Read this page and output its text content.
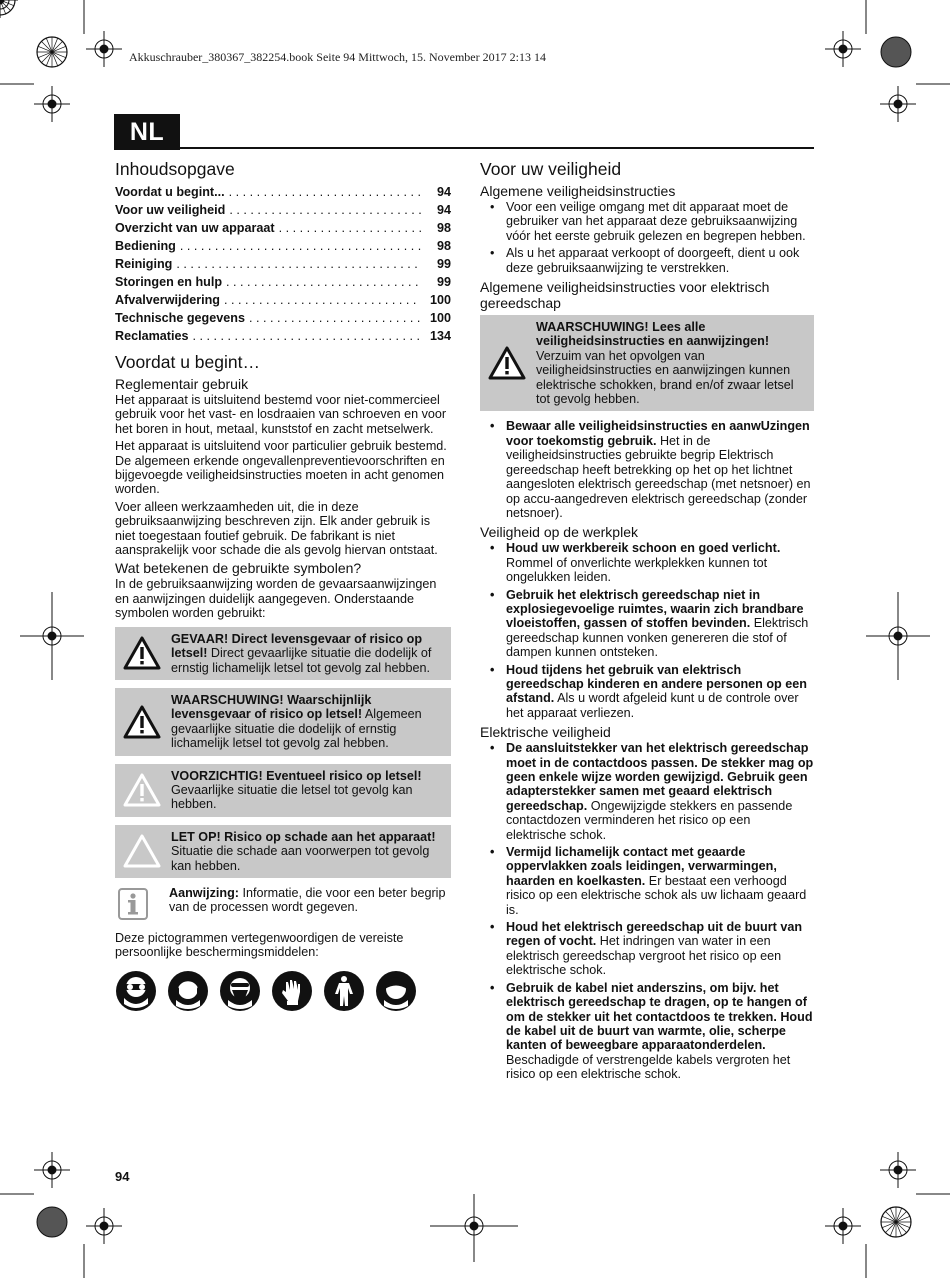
Akkuschrauber_380367_382254.book Seite 94 Mittwoch, 15. November 2017 2:13 14
NL
Inhoudsopgave
Voordat u begint... . . .	94
Voor uw veiligheid . . .	94
Overzicht van uw apparaat . . .	98
Bediening . . .	98
Reiniging . . .	99
Storingen en hulp . . .	99
Afvalverwijdering . . .	100
Technische gegevens . . .	100
Reclamaties . . .	134
Voordat u begint…
Reglementair gebruik

Het apparaat is uitsluitend bestemd voor niet-commercieel gebruik voor het vast- en losdraaien van schroeven en voor het boren in hout, metaal, kunststof en zacht metselwerk.

Het apparaat is uitsluitend voor particulier gebruik bestemd. De algemeen erkende ongevallenpreventievoorschriften en bijgevoegde veiligheidsinstructies moeten in acht genomen worden.

Voer alleen werkzaamheden uit, die in deze gebruiksaanwijzing beschreven zijn. Elk ander gebruik is niet toegestaan foutief gebruik. De fabrikant is niet aansprakelijk voor schade die als gevolg hiervan ontstaat.

Wat betekenen de gebruikte symbolen?

In de gebruiksaanwijzing worden de gevaarsaanwijzingen en aanwijzingen duidelijk aangegeven. Onderstaande symbolen worden gebruikt:

GEVAAR! Direct levensgevaar of risico op letsel! Direct gevaarlijke situatie die dodelijk of ernstig lichamelijk letsel tot gevolg zal hebben.
WAARSCHUWING! Waarschijnlijk levensgevaar of risico op letsel! Algemeen gevaarlijke situatie die dodelijk of ernstig lichamelijk letsel tot gevolg zal hebben.
VOORZICHTIG! Eventueel risico op letsel! Gevaarlijke situatie die letsel tot gevolg kan hebben.
LET OP! Risico op schade aan het apparaat! Situatie die schade aan voorwerpen tot gevolg kan hebben.
Aanwijzing: Informatie, die voor een beter begrip van de processen wordt gegeven.

Deze pictogrammen vertegenwoordigen de vereiste persoonlijke beschermingsmiddelen:

Voor uw veiligheid
Algemene veiligheidsinstructies
• Voor een veilige omgang met dit apparaat moet de gebruiker van het apparaat deze gebruiksaanwijzing vóór het eerste gebruik gelezen en begrepen hebben.
• Als u het apparaat verkoopt of doorgeeft, dient u ook deze gebruiksaanwijzing te verstrekken.
Algemene veiligheidsinstructies voor elektrisch gereedschap
WAARSCHUWING! Lees alle veiligheidsinstructies en aanwijzingen! Verzuim van het opvolgen van veiligheidsinstructies en aanwijzingen kunnen elektrische schokken, brand en/of zwaar letsel tot gevolg hebben.
• Bewaar alle veiligheidsinstructies en aanwUzingen voor toekomstig gebruik. Het in de veiligheidsinstructies gebruikte begrip Elektrisch gereedschap heeft betrekking op het op het lichtnet aangesloten elektrisch gereedschap (met netsnoer) en op accu-aangedreven elektrisch gereedschap (zonder netsnoer).
Veiligheid op de werkplek
• Houd uw werkbereik schoon en goed verlicht. Rommel of onverlichte werkplekken kunnen tot ongelukken leiden.
• Gebruik het elektrisch gereedschap niet in explosiegevoelige ruimtes, waarin zich brandbare vloeistoffen, gassen of stoffen bevinden. Elektrisch gereedschap kunnen vonken genereren die stof of dampen kunnen ontsteken.
• Houd tijdens het gebruik van elektrisch gereedschap kinderen en andere personen op een afstand. Als u wordt afgeleid kunt u de controle over het apparaat verliezen.
Elektrische veiligheid
• De aansluitstekker van het elektrisch gereedschap moet in de contactdoos passen. De stekker mag op geen enkele wijze worden gewijzigd. Gebruik geen adapterstekker samen met geaard elektrisch gereedschap. Ongewijzigde stekkers en passende contactdozen verminderen het risico op een elektrische schok.
• Vermijd lichamelijk contact met geaarde oppervlakken zoals leidingen, verwarmingen, haarden en koelkasten. Er bestaat een verhoogd risico op een elektrische schok als uw lichaam geaard is.
• Houd het elektrisch gereedschap uit de buurt van regen of vocht. Het indringen van water in een elektrisch gereedschap vergroot het risico op een elektrische schok.
• Gebruik de kabel niet anderszins, om bijv. het elektrisch gereedschap te dragen, op te hangen of om de stekker uit het contactdoos te trekken. Houd de kabel uit de buurt van warmte, olie, scherpe kanten of beweegbare apparaatonderdelen. Beschadigde of verstrengelde kabels vergroten het risico op een elektrische schok.
94
